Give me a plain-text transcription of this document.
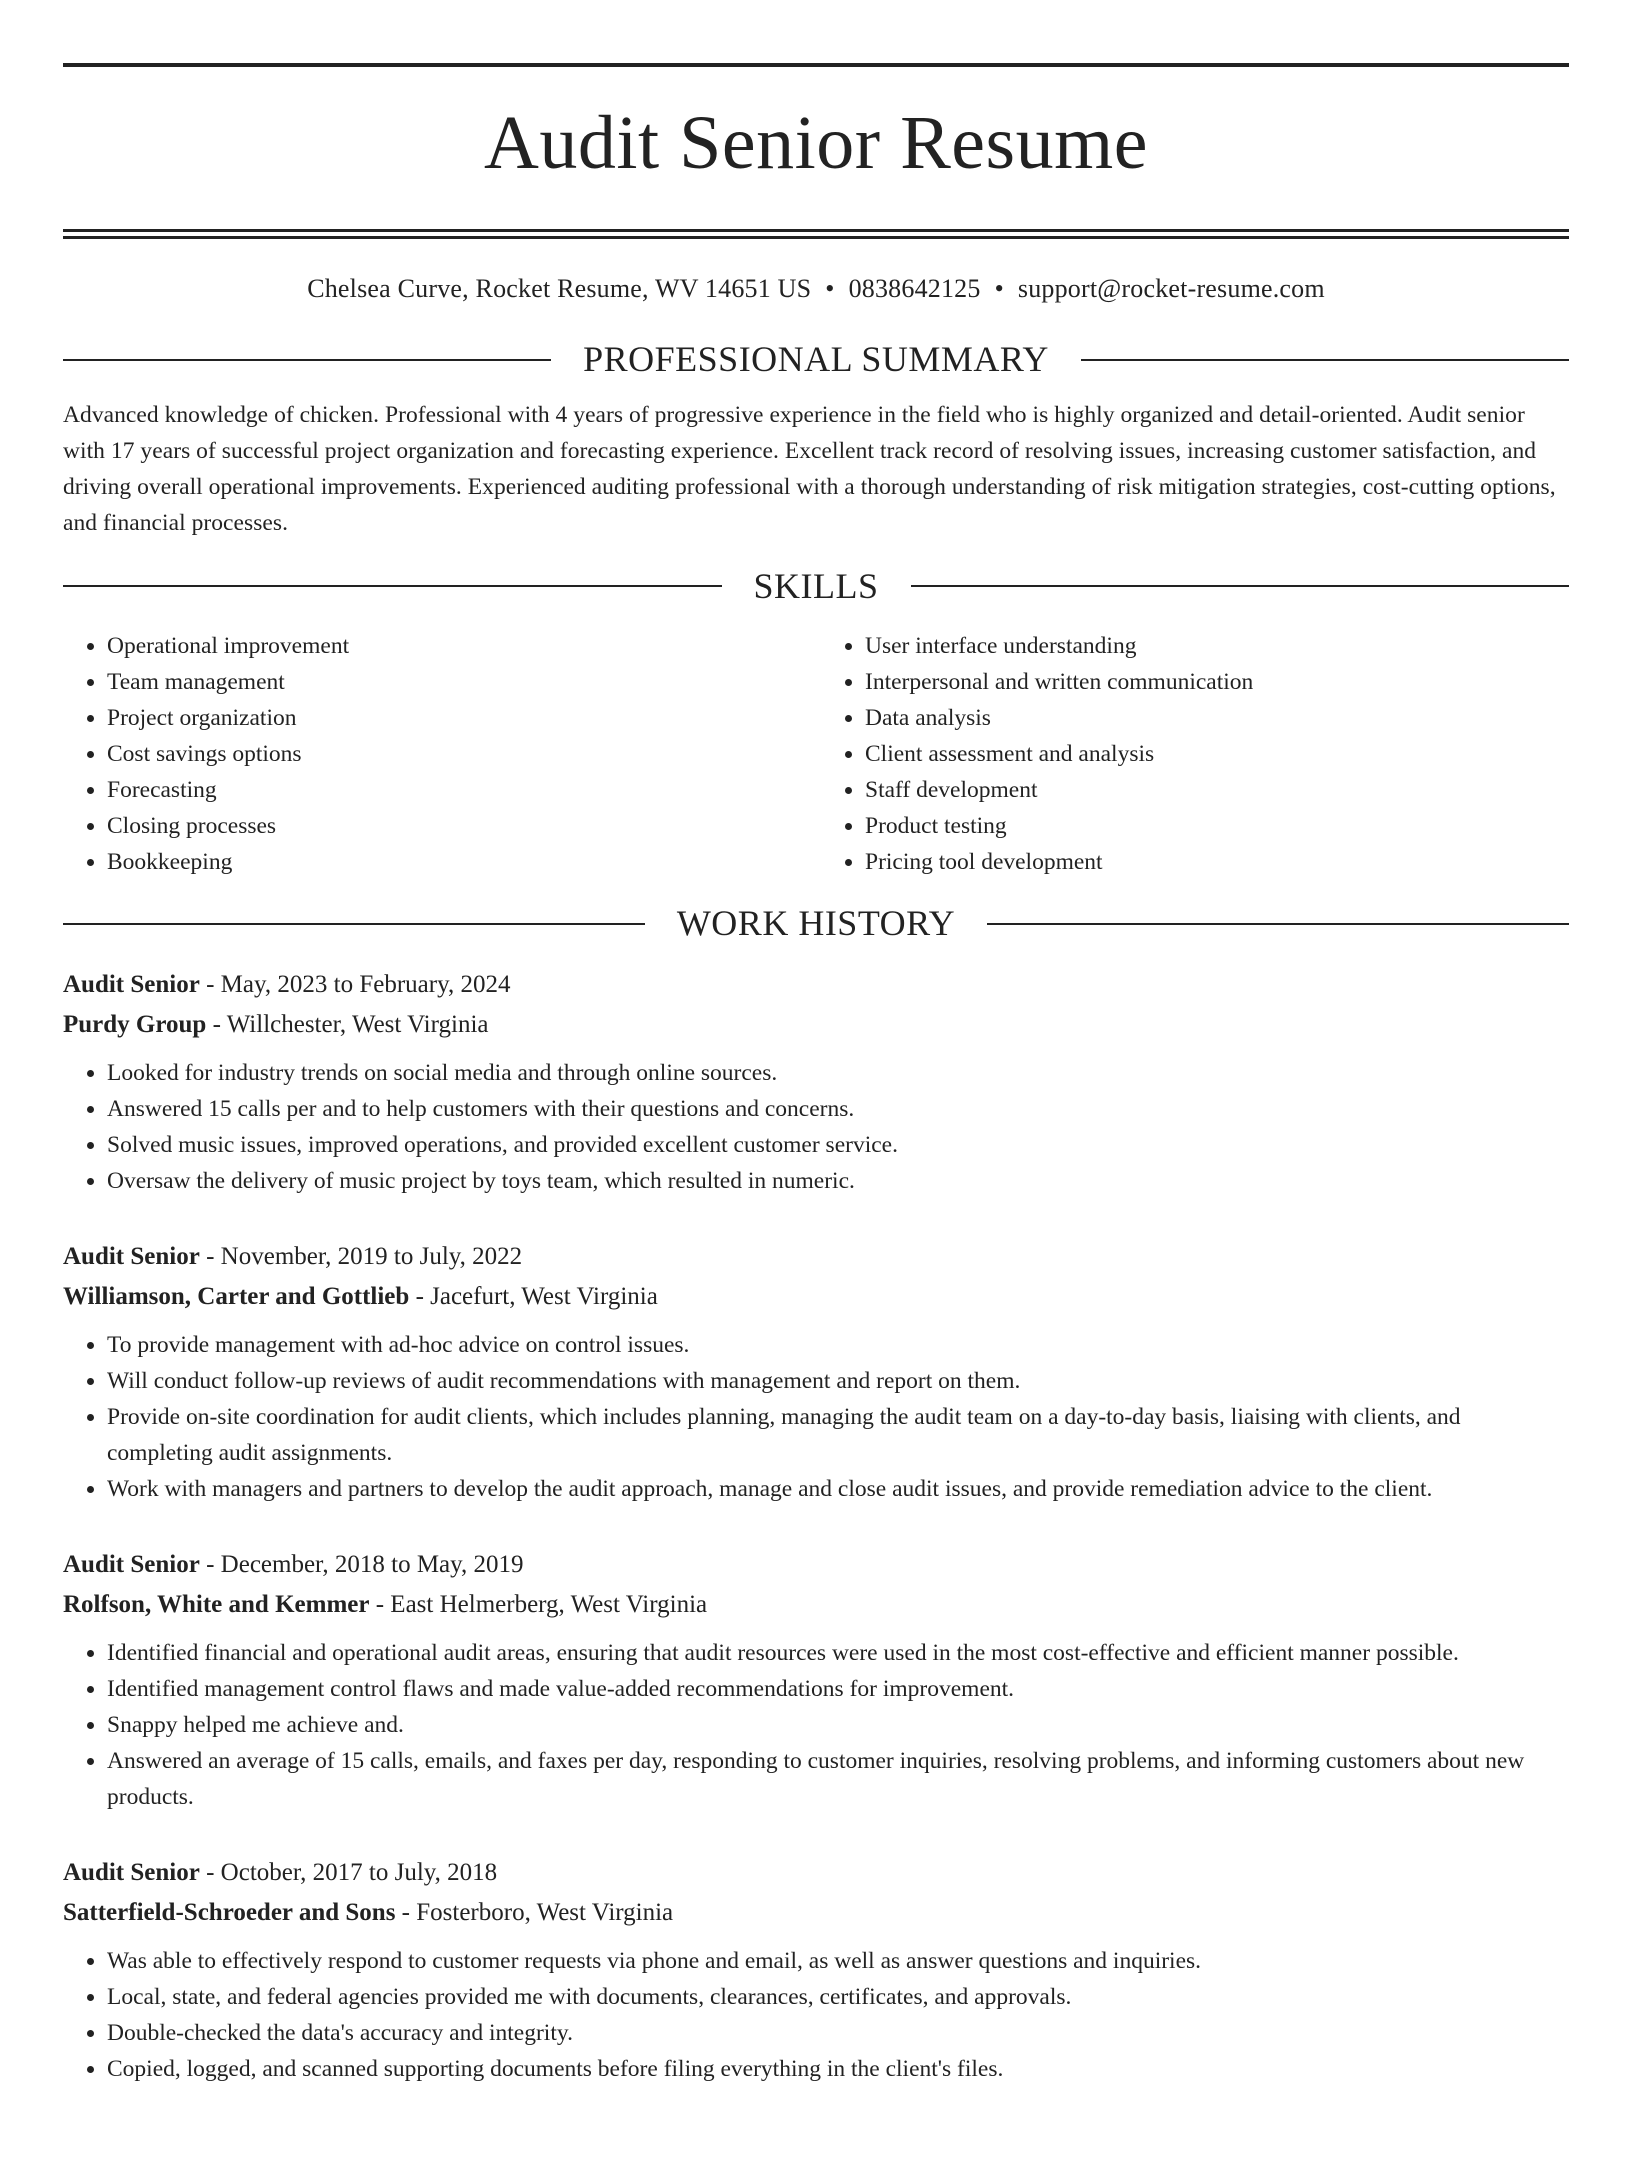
Audit Senior Resume
Chelsea Curve, Rocket Resume, WV 14651 US • 0838642125 • support@rocket-resume.com
PROFESSIONAL SUMMARY

Advanced knowledge of chicken. Professional with 4 years of progressive experience in the field who is highly organized and detail-oriented. Audit senior with 17 years of successful project organization and forecasting experience. Excellent track record of resolving issues, increasing customer satisfaction, and driving overall operational improvements. Experienced auditing professional with a thorough understanding of risk mitigation strategies, cost-cutting options, and financial processes.

SKILLS
• Operational improvement
• Team management
• Project organization
• Cost savings options
• Forecasting
• Closing processes
• Bookkeeping
• User interface understanding
• Interpersonal and written communication
• Data analysis
• Client assessment and analysis
• Staff development
• Product testing
• Pricing tool development
WORK HISTORY
Audit Senior - May, 2023 to February, 2024
Purdy Group - Willchester, West Virginia
• Looked for industry trends on social media and through online sources.
• Answered 15 calls per and to help customers with their questions and concerns.
• Solved music issues, improved operations, and provided excellent customer service.
• Oversaw the delivery of music project by toys team, which resulted in numeric.
Audit Senior - November, 2019 to July, 2022
Williamson, Carter and Gottlieb - Jacefurt, West Virginia
• To provide management with ad-hoc advice on control issues.
• Will conduct follow-up reviews of audit recommendations with management and report on them.
• Provide on-site coordination for audit clients, which includes planning, managing the audit team on a day-to-day basis, liaising with clients, and completing audit assignments.
• Work with managers and partners to develop the audit approach, manage and close audit issues, and provide remediation advice to the client.
Audit Senior - December, 2018 to May, 2019
Rolfson, White and Kemmer - East Helmerberg, West Virginia
• Identified financial and operational audit areas, ensuring that audit resources were used in the most cost-effective and efficient manner possible.
• Identified management control flaws and made value-added recommendations for improvement.
• Snappy helped me achieve and.
• Answered an average of 15 calls, emails, and faxes per day, responding to customer inquiries, resolving problems, and informing customers about new products.
Audit Senior - October, 2017 to July, 2018
Satterfield-Schroeder and Sons - Fosterboro, West Virginia
• Was able to effectively respond to customer requests via phone and email, as well as answer questions and inquiries.
• Local, state, and federal agencies provided me with documents, clearances, certificates, and approvals.
• Double-checked the data's accuracy and integrity.
• Copied, logged, and scanned supporting documents before filing everything in the client's files.
